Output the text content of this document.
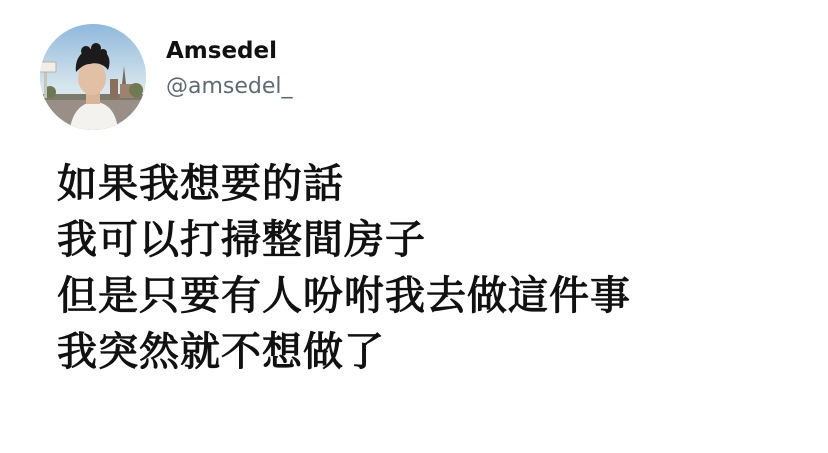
Amsedel
@amsedel_
如果我想要的話
我可以打掃整間房子
但是只要有人吩咐我去做這件事
我突然就不想做了
